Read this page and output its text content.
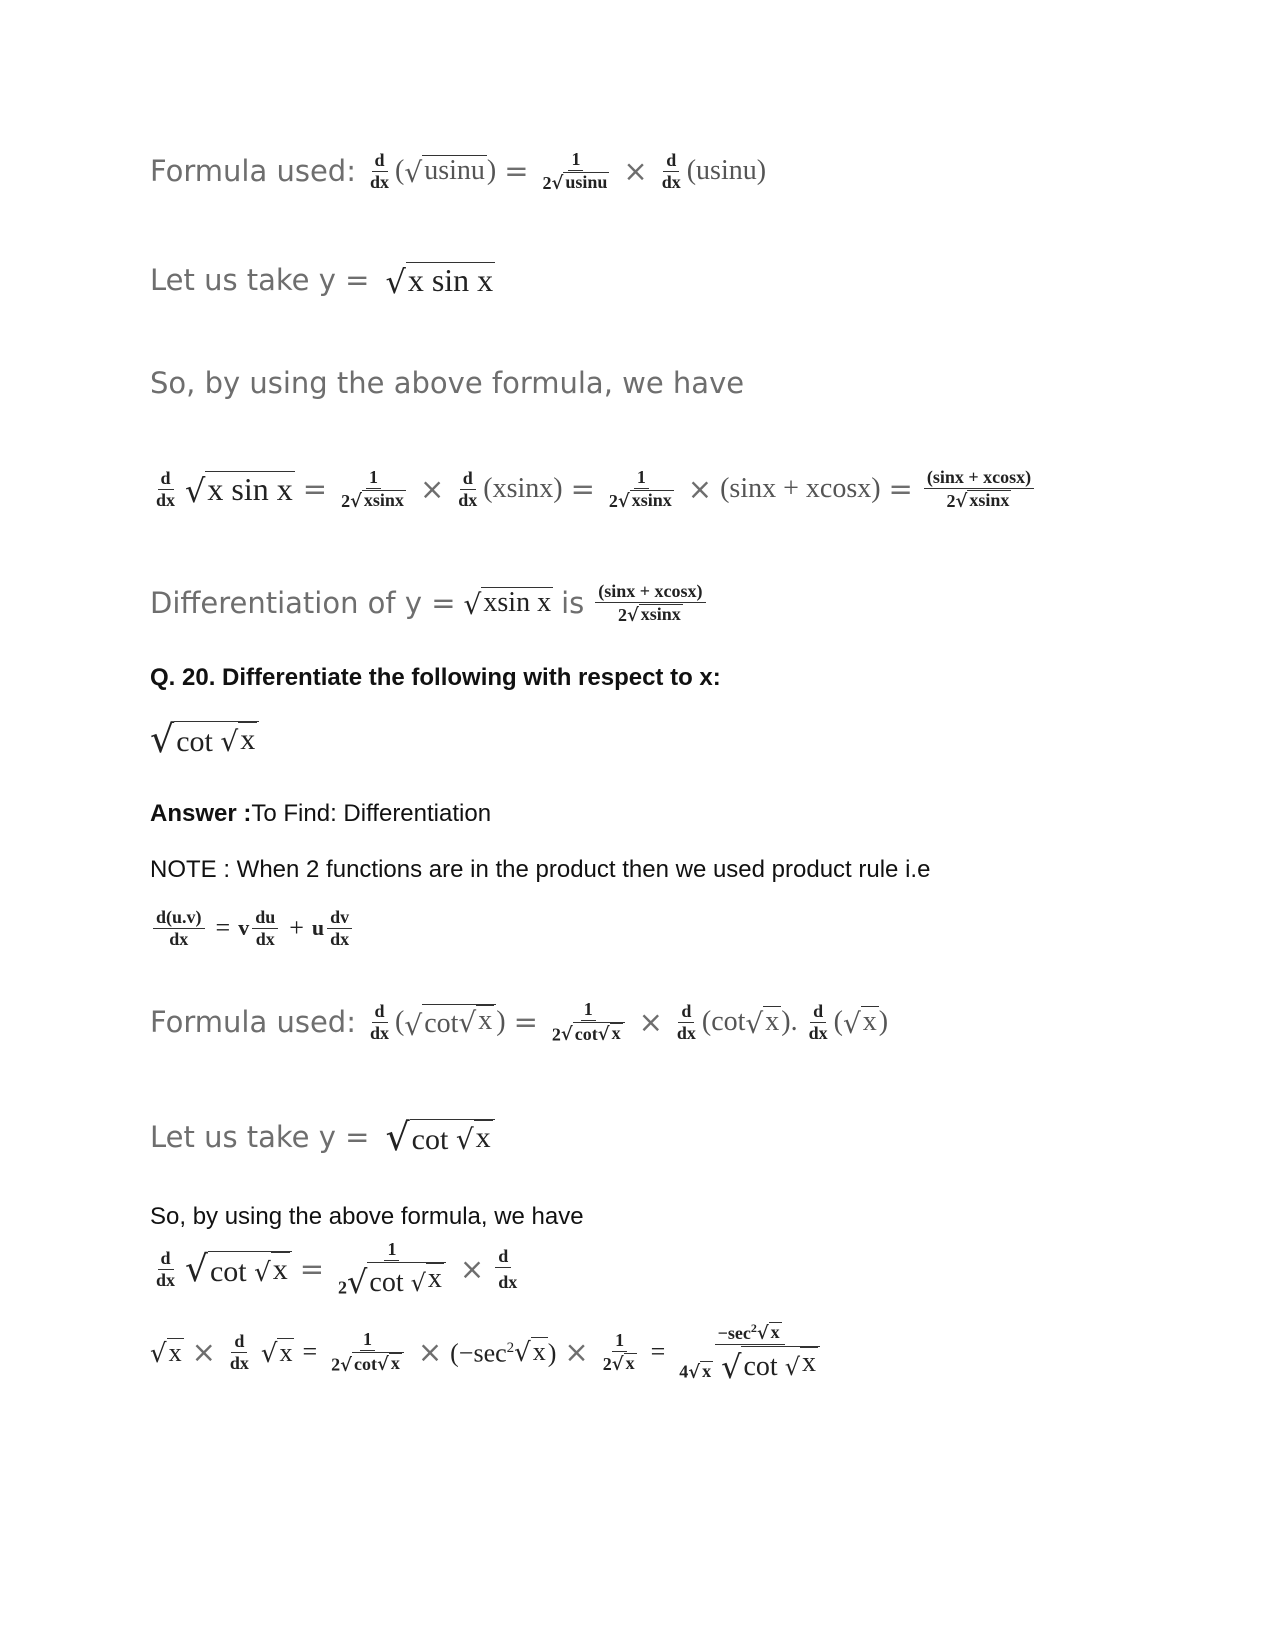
Formula used: $\frac{d}{dx}$ ( √ usinu ) = $\frac{1}{2 √ usinu} \times \frac{d}{dx} (usinu)$
Let us take y = √ x sin x
So, by using the above formula, we have
$\frac{d}{dx}$ √ x $\sin x = \frac{1}{2 √ xsinx} \times \frac{d}{dx} (xsinx) = \frac{1}{2 √ xsinx} \times (\sin x + xcosx) = \frac{(\sin x + xcosx)}{2 √ xsinx}$
Differentiation of y = √ xsin x is $\frac{(\sin x + xcosx)}{2 √ xsinx}$
Q. 20. Differentiate the following with respect to x:
√ cot √ x
Answer : To Find: Differentiation
NOTE : When 2 functions are in the product then we used product rule i.e
$\frac{d(u.v)}{dx} = v \frac{du}{dx} + u \frac{dv}{dx}$
Formula used: $\frac{d}{dx}$ ( √ cot √ x ) = $\frac{1}{2 √ \cot √ x} \times \frac{d}{dx} (\cot$ √ x ). $\frac{d}{dx}$ ( √ x )
Let us take y = √ cot √ x
So, by using the above formula, we have
$\frac{d}{dx}$ √ cot √ $x = \frac{1}{2 √ \cot √ x} \times \frac{d}{dx}$
√ $x \times \frac{d}{dx}$ √ $x = \frac{1}{2 √ \cot √ x} \times (-\sec^2$ √ x ) × $\frac{1}{2 √ x} = \frac{-\sec^2 √ x}{4 √ x √ \cot √ x}$
